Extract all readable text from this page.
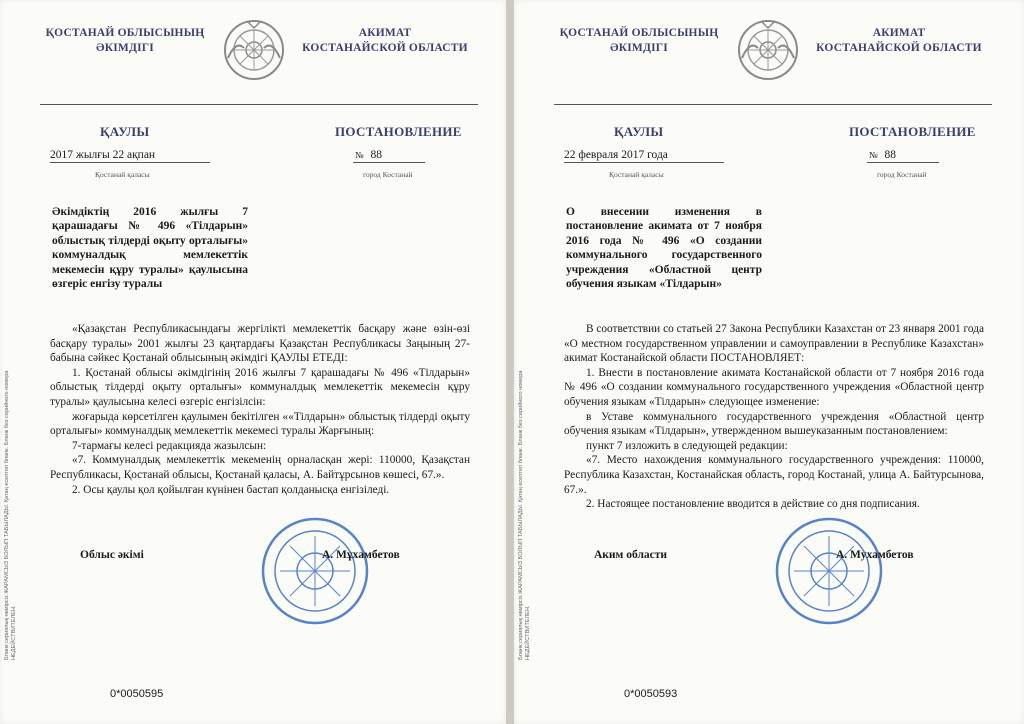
ҚОСТАНАЙ ОБЛЫСЫНЫҢ
ӘКІМДІГІ
АКИМАТ
КОСТАНАЙСКОЙ ОБЛАСТИ
ҚАУЛЫ	ПОСТАНОВЛЕНИЕ
2017 жылғы 22 ақпан	№ 88
Қостанай қаласы	город Костанай
Әкімдіктің 2016 жылғы 7 қарашадағы № 496 «Тілдарын» облыстық тілдерді оқыту орталығы» коммуналдық мемлекеттік мекемесін құру туралы» қаулысына өзгеріс енгізу туралы

«Қазақстан Республикасындағы жергілікті мемлекеттік басқару және өзін-өзі басқару туралы» 2001 жылғы 23 қаңтардағы Қазақстан Республикасы Заңының 27-бабына сәйкес Қостанай облысының әкімдігі ҚАУЛЫ ЕТЕДІ:

1. Қостанай облысы әкімдігінің 2016 жылғы 7 қарашадағы № 496 «Тілдарын» облыстық тілдерді оқыту орталығы» коммуналдық мемлекеттік мекемесін құру туралы» қаулысына келесі өзгеріс енгізілсін:

жоғарыда көрсетілген қаулымен бекітілген ««Тілдарын» облыстық тілдерді оқыту орталығы» коммуналдық мемлекеттік мекемесі туралы Жарғының:

7-тармағы келесі редакцияда жазылсын:

«7. Коммуналдық мемлекеттік мекеменің орналасқан жері: 110000, Қазақстан Республикасы, Қостанай облысы, Қостанай қаласы, А. Байтұрсынов көшесі, 67.».

2. Осы қаулы қол қойылған күнінен бастап қолданысқа енгізіледі.

Облыс әкімі	А. Мұхамбетов
0*0050595
Бланк сериялық нөмірсіз ЖАРАМСЫЗ БОЛЫП ТАБЫЛАДЫ. Қатаң есептегі бланк. Бланк без серийного номера НЕДЕЙСТВИТЕЛЕН.
ҚОСТАНАЙ ОБЛЫСЫНЫҢ
ӘКІМДІГІ
АКИМАТ
КОСТАНАЙСКОЙ ОБЛАСТИ
ҚАУЛЫ	ПОСТАНОВЛЕНИЕ
22 февраля 2017 года	№ 88
Қостанай қаласы	город Костанай
О внесении изменения в постановление акимата от 7 ноября 2016 года № 496 «О создании коммунального государственного учреждения «Областной центр обучения языкам «Тілдарын»

В соответствии со статьей 27 Закона Республики Казахстан от 23 января 2001 года «О местном государственном управлении и самоуправлении в Республике Казахстан» акимат Костанайской области ПОСТАНОВЛЯЕТ:

1. Внести в постановление акимата Костанайской области от 7 ноября 2016 года № 496 «О создании коммунального государственного учреждения «Областной центр обучения языкам «Тілдарын» следующее изменение:

в Уставе коммунального государственного учреждения «Областной центр обучения языкам «Тілдарын», утвержденном вышеуказанным постановлением:

пункт 7 изложить в следующей редакции:

«7. Место нахождения коммунального государственного учреждения: 110000, Республика Казахстан, Костанайская область, город Костанай, улица А. Байтурсынова, 67.».

2. Настоящее постановление вводится в действие со дня подписания.

Аким области	А. Мухамбетов
0*0050593
Бланк сериялық нөмірсіз ЖАРАМСЫЗ БОЛЫП ТАБЫЛАДЫ. Қатаң есептегі бланк. Бланк без серийного номера НЕДЕЙСТВИТЕЛЕН.
